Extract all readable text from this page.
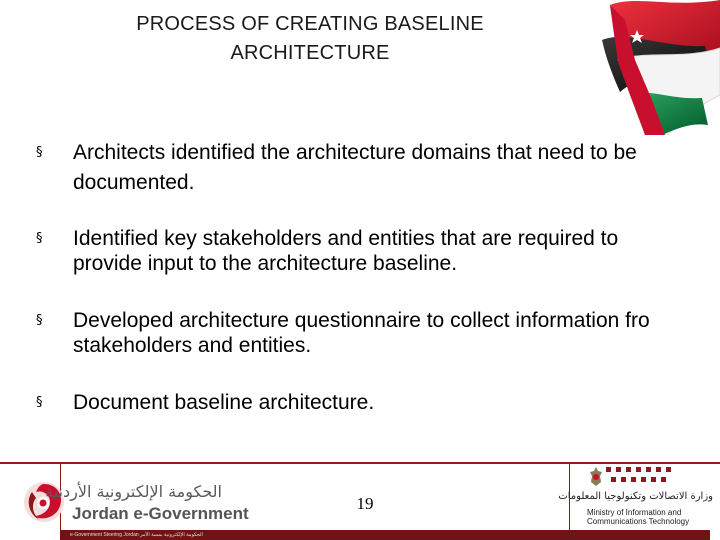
PROCESS OF CREATING BASELINE
ARCHITECTURE
§ Architects identified the architecture domains that need to be
documented.
§ Identified key stakeholders and entities that are required to
provide input to the architecture baseline.
§ Developed architecture questionnaire to collect information fro
stakeholders and entities.
§ Document baseline architecture.
e-Government Steering Jordan الحكومة الإلكترونية بمسة الأمر
الحكومة الإلكترونية الأردنية
Jordan e-Government
19	وزارة الاتصالات وتكنولوجيا المعلومات
Ministry of Information and
Communications Technology
